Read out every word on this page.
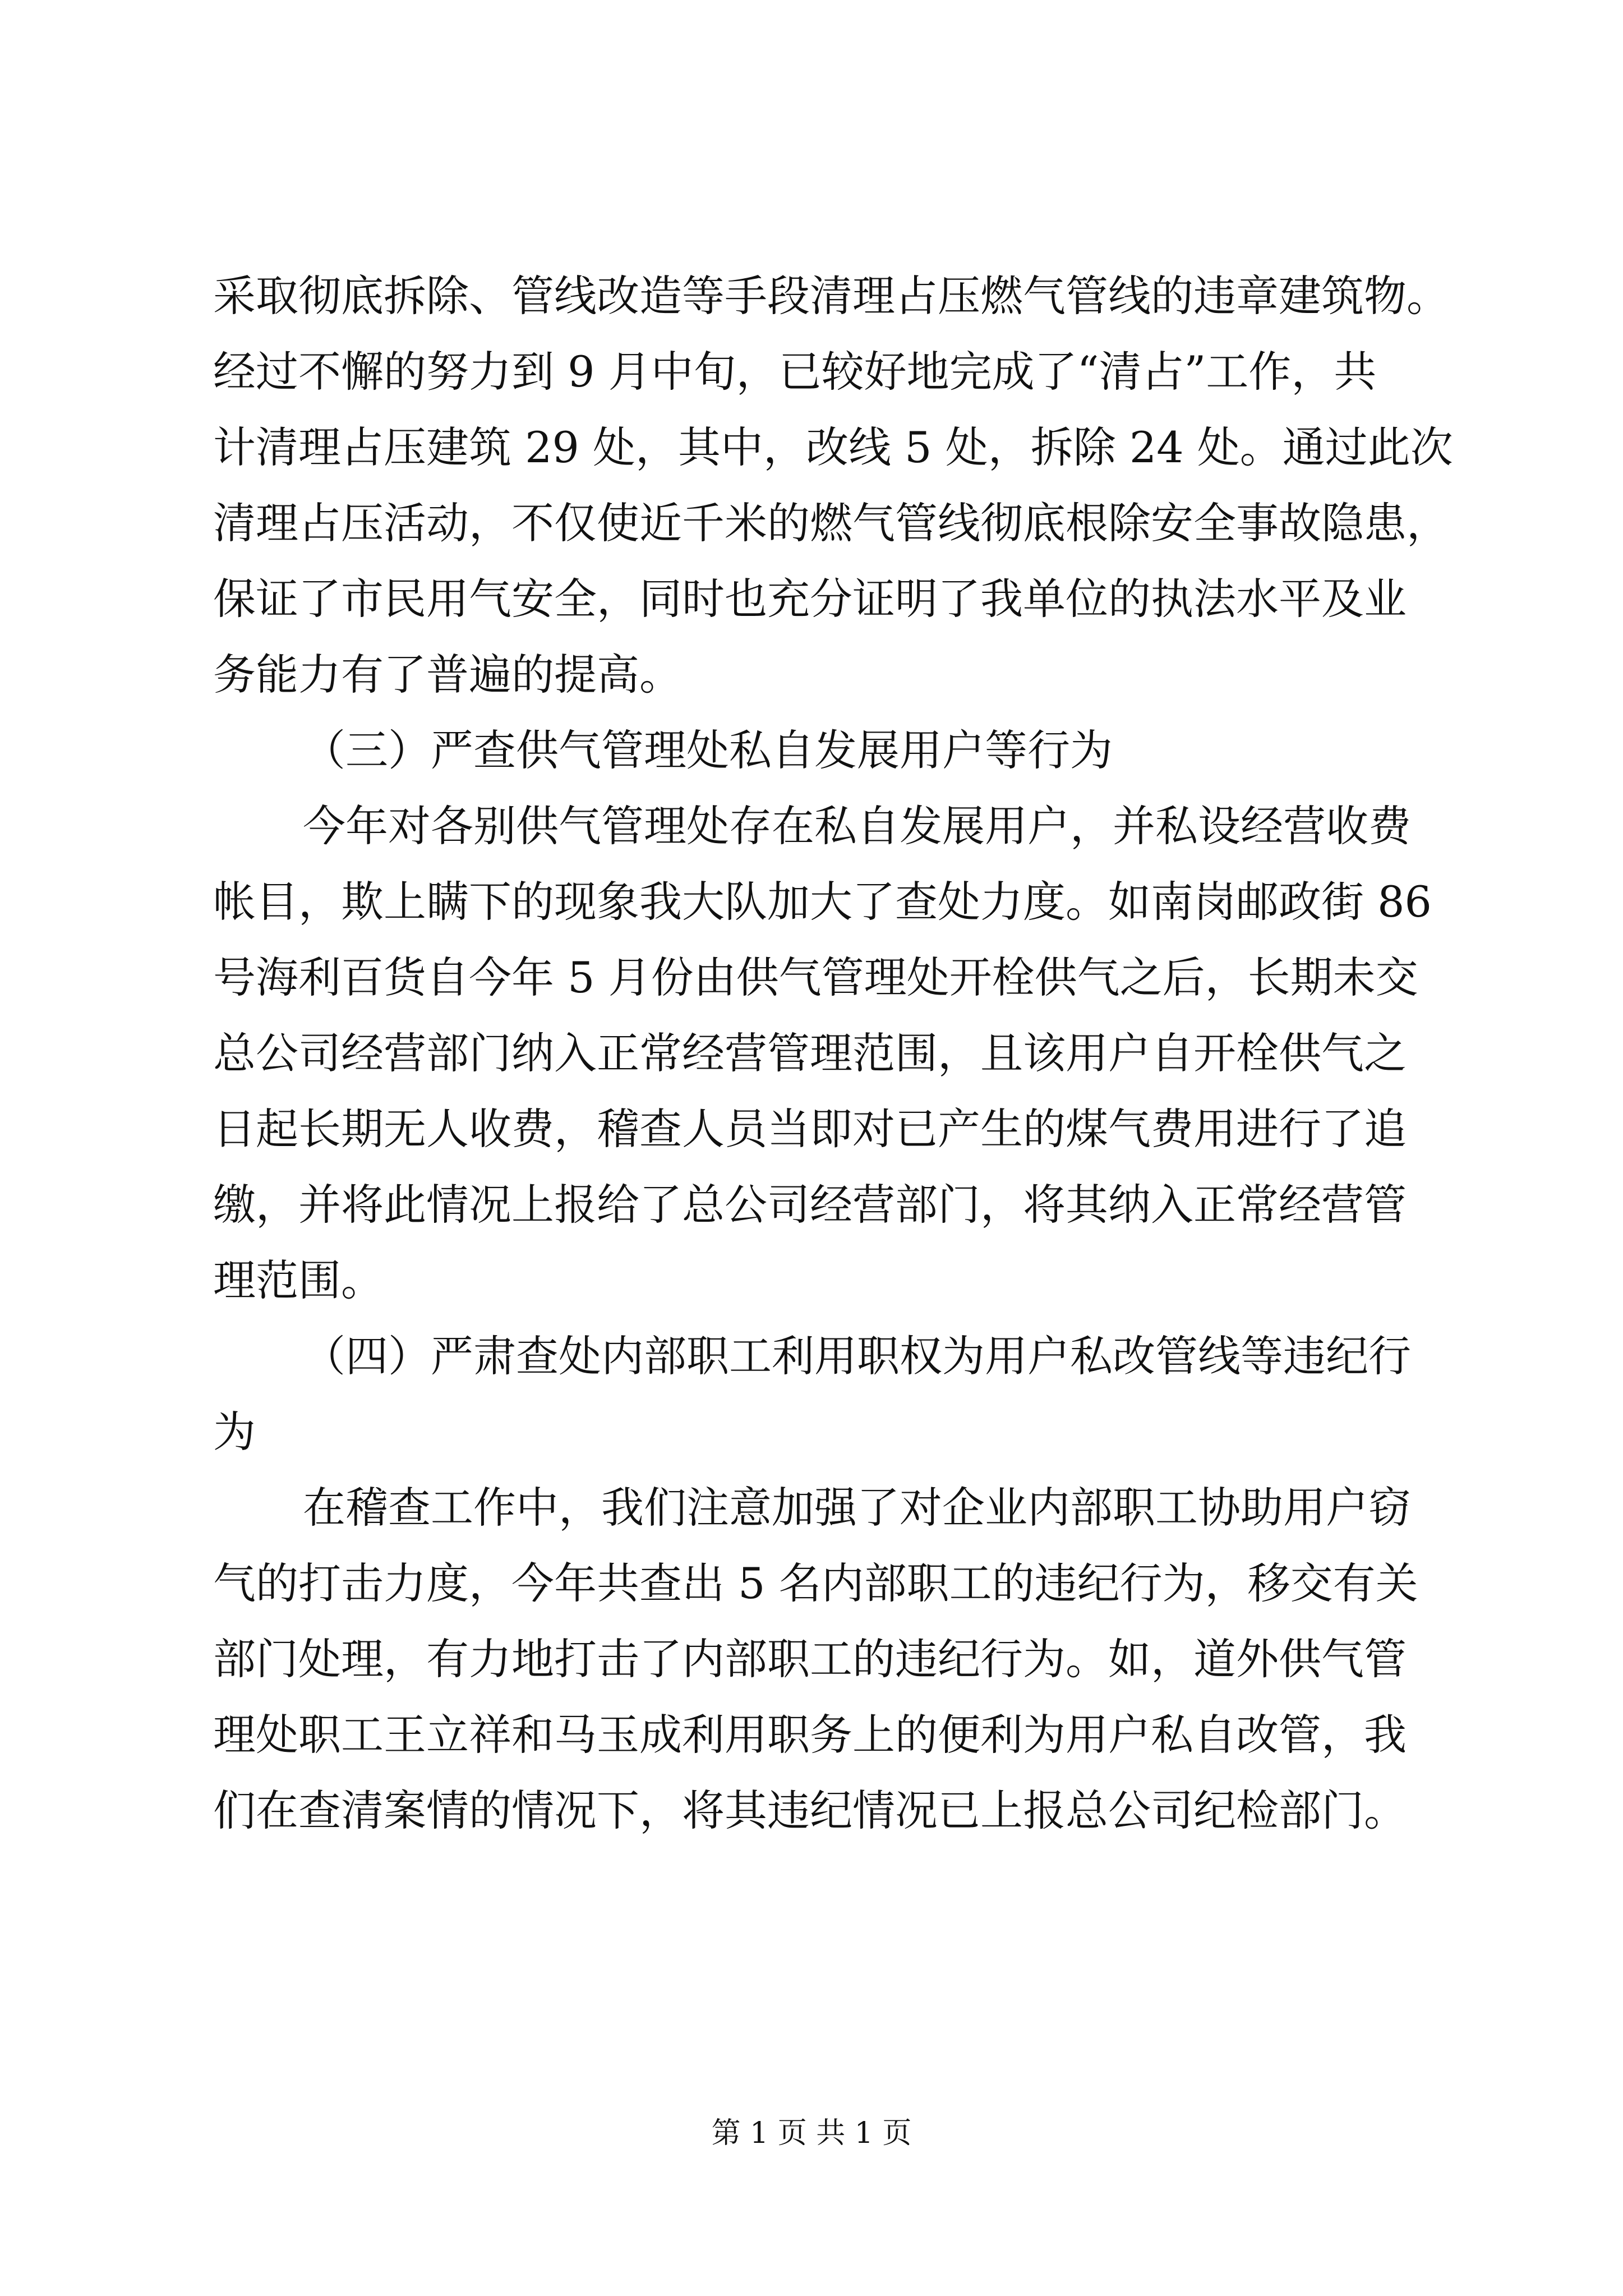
采取彻底拆除、管线改造等手段清理占压燃气管线的违章建筑物。
经过不懈的努力到 9 月中旬，已较好地完成了“清占”工作，共
计清理占压建筑 29 处，其中，改线 5 处，拆除 24 处。通过此次
清理占压活动，不仅使近千米的燃气管线彻底根除安全事故隐患，
保证了市民用气安全，同时也充分证明了我单位的执法水平及业
务能力有了普遍的提高。
（三）严查供气管理处私自发展用户等行为
今年对各别供气管理处存在私自发展用户，并私设经营收费
帐目，欺上瞒下的现象我大队加大了查处力度。如南岗邮政街 86
号海利百货自今年 5 月份由供气管理处开栓供气之后，长期未交
总公司经营部门纳入正常经营管理范围，且该用户自开栓供气之
日起长期无人收费，稽查人员当即对已产生的煤气费用进行了追
缴，并将此情况上报给了总公司经营部门，将其纳入正常经营管
理范围。
（四）严肃查处内部职工利用职权为用户私改管线等违纪行
为
在稽查工作中，我们注意加强了对企业内部职工协助用户窃
气的打击力度，今年共查出 5 名内部职工的违纪行为，移交有关
部门处理，有力地打击了内部职工的违纪行为。如，道外供气管
理处职工王立祥和马玉成利用职务上的便利为用户私自改管，我
们在查清案情的情况下，将其违纪情况已上报总公司纪检部门。
第 1 页 共 1 页
